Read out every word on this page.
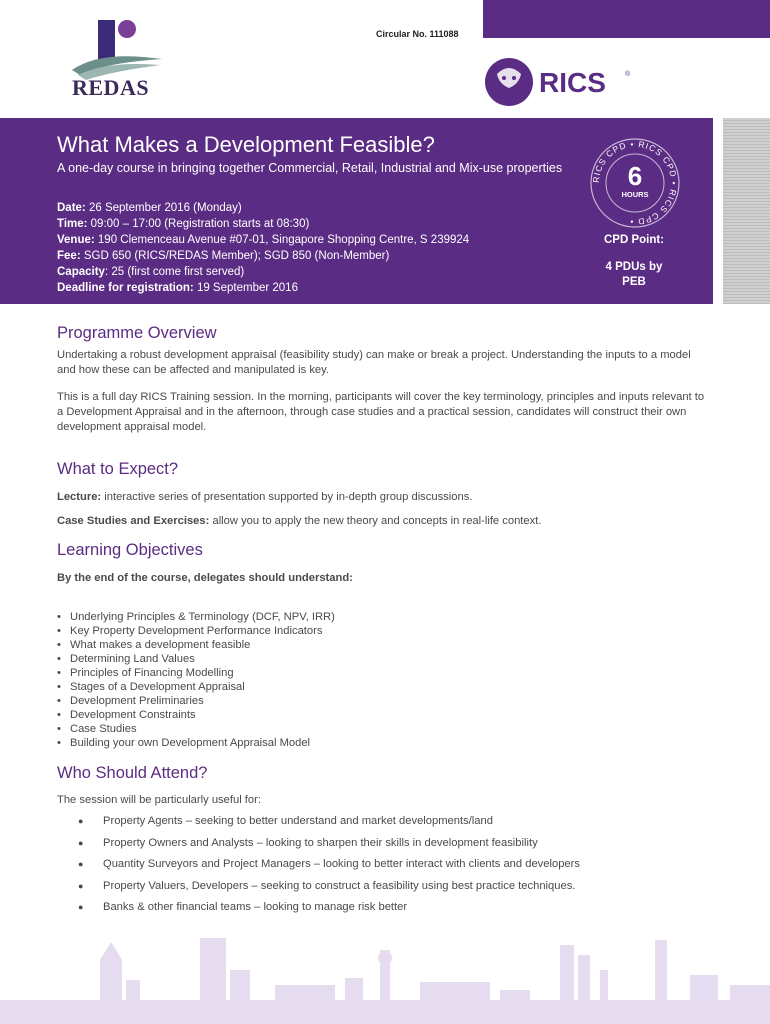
Circular No. 111088
REDAS	RICS	®
What Makes a Development Feasible?
A one-day course in bringing together Commercial, Retail, Industrial and Mix-use properties
Date: 26 September 2016 (Monday)
Time: 09:00 – 17:00 (Registration starts at 08:30)
Venue: 190 Clemenceau Avenue #07-01, Singapore Shopping Centre, S 239924
Fee: SGD 650 (RICS/REDAS Member); SGD 850 (Non-Member)
Capacity: 25 (first come first served)
Deadline for registration: 19 September 2016
RICS CPD • RICS CPD • RICS CPD •
6
HOURS
CPD Point:
4 PDUs by
PEB
Programme Overview
Undertaking a robust development appraisal (feasibility study) can make or break a project. Understanding the inputs to a model and how these can be affected and manipulated is key.
This is a full day RICS Training session. In the morning, participants will cover the key terminology, principles and inputs relevant to a Development Appraisal and in the afternoon, through case studies and a practical session, candidates will construct their own development appraisal model.
What to Expect?
Lecture: interactive series of presentation supported by in-depth group discussions.
Case Studies and Exercises: allow you to apply the new theory and concepts in real-life context.
Learning Objectives
By the end of the course, delegates should understand:
• Underlying Principles & Terminology (DCF, NPV, IRR)
• Key Property Development Performance Indicators
• What makes a development feasible
• Determining Land Values
• Principles of Financing Modelling
• Stages of a Development Appraisal
• Development Preliminaries
• Development Constraints
• Case Studies
• Building your own Development Appraisal Model
Who Should Attend?
The session will be particularly useful for:
● Property Agents – seeking to better understand and market developments/land
● Property Owners and Analysts – looking to sharpen their skills in development feasibility
● Quantity Surveyors and Project Managers – looking to better interact with clients and developers
● Property Valuers, Developers – seeking to construct a feasibility using best practice techniques.
● Banks & other financial teams – looking to manage risk better
